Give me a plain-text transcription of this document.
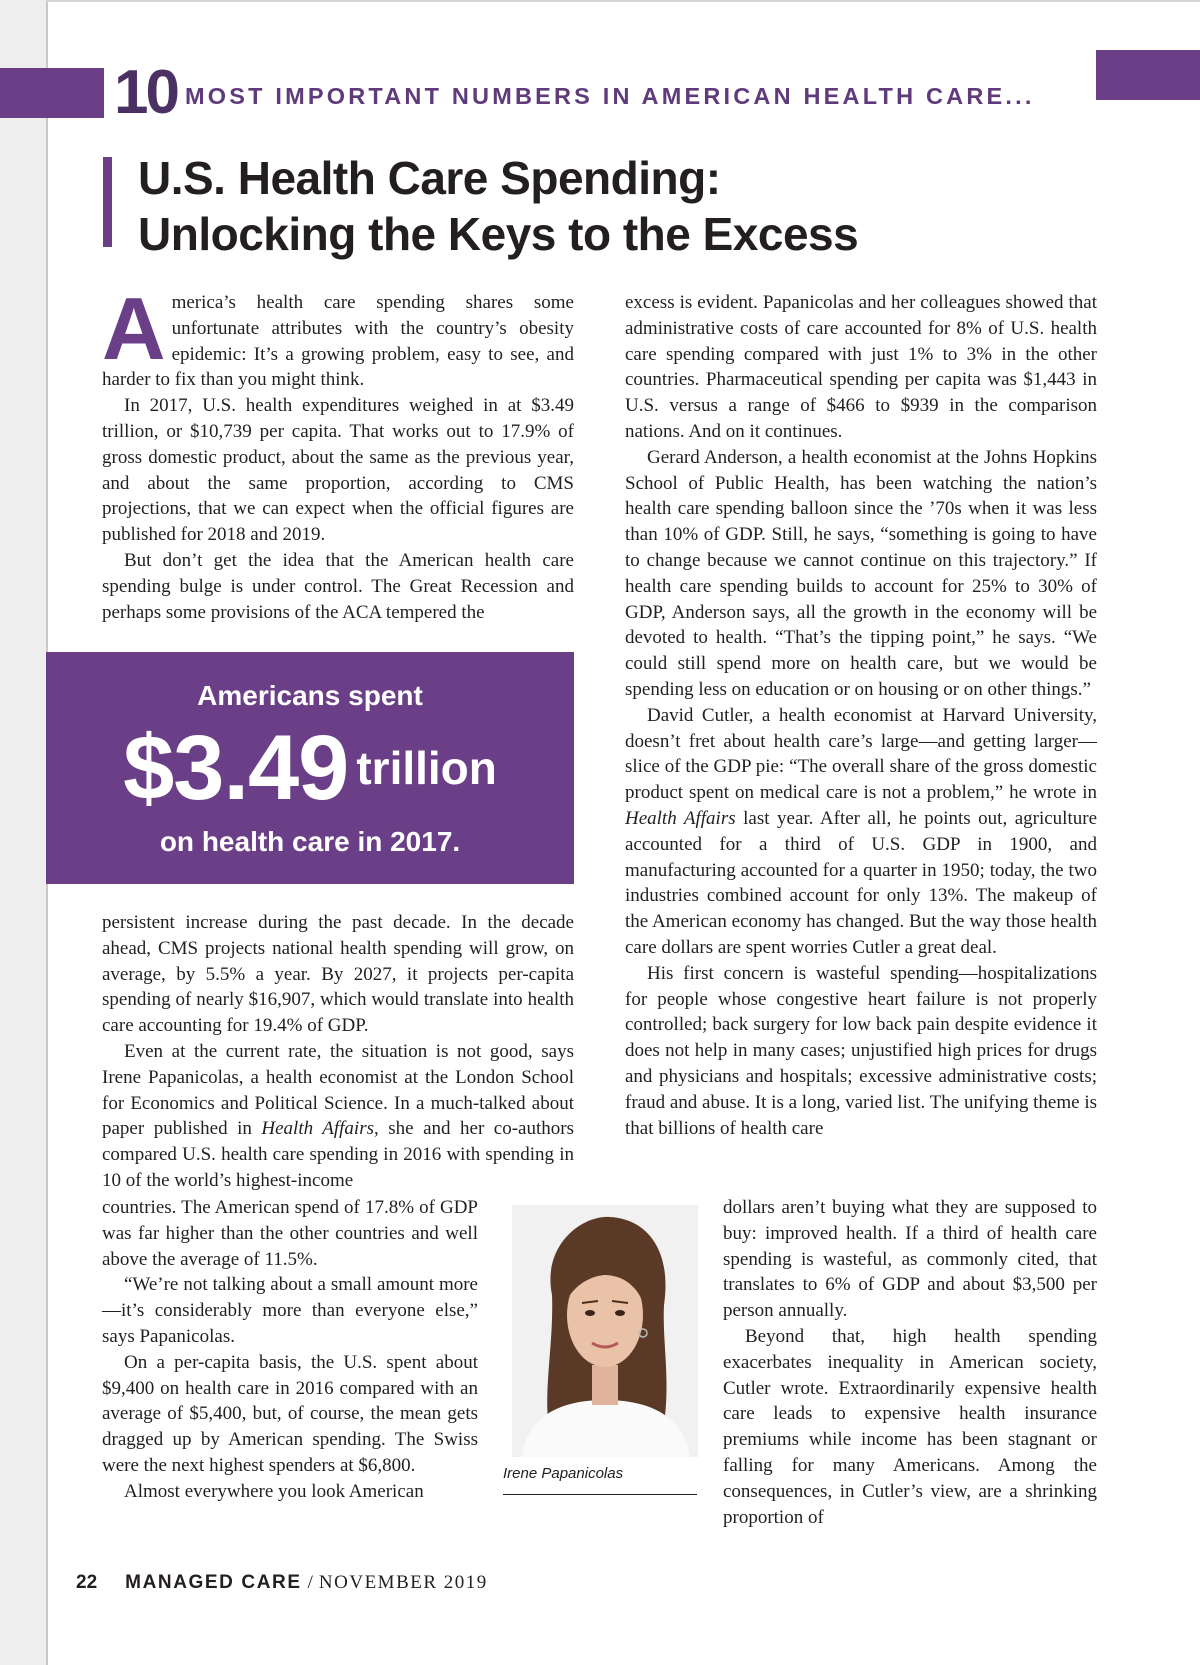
10 MOST IMPORTANT NUMBERS IN AMERICAN HEALTH CARE...
U.S. Health Care Spending:
Unlocking the Keys to the Excess

America’s health care spending shares some unfortunate attributes with the country’s obesity epidemic: It’s a growing problem, easy to see, and harder to fix than you might think.

In 2017, U.S. health expenditures weighed in at $3.49 trillion, or $10,739 per capita. That works out to 17.9% of gross domestic product, about the same as the previous year, and about the same proportion, according to CMS projections, that we can expect when the official figures are published for 2018 and 2019.

But don’t get the idea that the American health care spending bulge is under control. The Great Recession and perhaps some provisions of the ACA tempered the

Americans spent
$3.49 trillion
on health care in 2017.

persistent increase during the past decade. In the decade ahead, CMS projects national health spending will grow, on average, by 5.5% a year. By 2027, it projects per-capita spending of nearly $16,907, which would translate into health care accounting for 19.4% of GDP.

Even at the current rate, the situation is not good, says Irene Papanicolas, a health economist at the London School for Economics and Political Science. In a much-talked about paper published in Health Affairs, she and her co-authors compared U.S. health care spending in 2016 with spending in 10 of the world’s highest-income

countries. The American spend of 17.8% of GDP was far higher than the other countries and well above the average of 11.5%.

“We’re not talking about a small amount more—it’s considerably more than everyone else,” says Papanicolas.

On a per-capita basis, the U.S. spent about $9,400 on health care in 2016 compared with an average of $5,400, but, of course, the mean gets dragged up by American spending. The Swiss were the next highest spenders at $6,800.

Almost everywhere you look American

Irene Papanicolas

excess is evident. Papanicolas and her colleagues showed that administrative costs of care accounted for 8% of U.S. health care spending compared with just 1% to 3% in the other countries. Pharmaceutical spending per capita was $1,443 in U.S. versus a range of $466 to $939 in the comparison nations. And on it continues.

Gerard Anderson, a health economist at the Johns Hopkins School of Public Health, has been watching the nation’s health care spending balloon since the ’70s when it was less than 10% of GDP. Still, he says, “something is going to have to change because we cannot continue on this trajectory.” If health care spending builds to account for 25% to 30% of GDP, Anderson says, all the growth in the economy will be devoted to health. “That’s the tipping point,” he says. “We could still spend more on health care, but we would be spending less on education or on housing or on other things.”

David Cutler, a health economist at Harvard University, doesn’t fret about health care’s large—and getting larger—slice of the GDP pie: “The overall share of the gross domestic product spent on medical care is not a problem,” he wrote in Health Affairs last year. After all, he points out, agriculture accounted for a third of U.S. GDP in 1900, and manufacturing accounted for a quarter in 1950; today, the two industries combined account for only 13%. The makeup of the American economy has changed. But the way those health care dollars are spent worries Cutler a great deal.

His first concern is wasteful spending—hospitalizations for people whose congestive heart failure is not properly controlled; back surgery for low back pain despite evidence it does not help in many cases; unjustified high prices for drugs and physicians and hospitals; excessive administrative costs; fraud and abuse. It is a long, varied list. The unifying theme is that billions of health care

dollars aren’t buying what they are supposed to buy: improved health. If a third of health care spending is wasteful, as commonly cited, that translates to 6% of GDP and about $3,500 per person annually.

Beyond that, high health spending exacerbates inequality in American society, Cutler wrote. Extraordinarily expensive health care leads to expensive health insurance premiums while income has been stagnant or falling for many Americans. Among the consequences, in Cutler’s view, are a shrinking proportion of

22 MANAGED CARE / NOVEMBER 2019
